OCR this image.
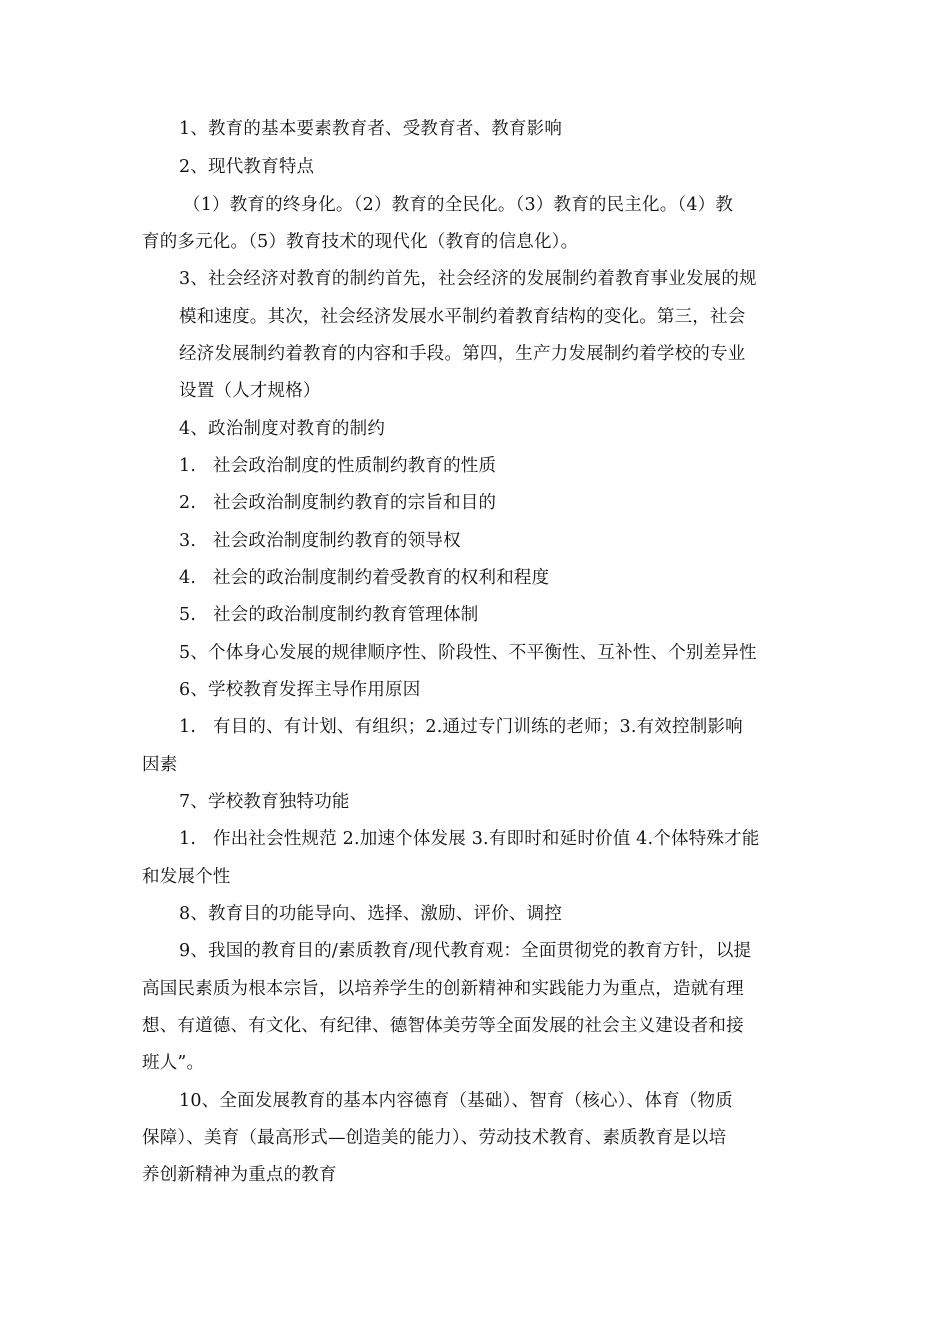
1、教育的基本要素教育者、受教育者、教育影响
2、现代教育特点
（1）教育的终身化。（2）教育的全民化。（3）教育的民主化。（4）教
育的多元化。（5）教育技术的现代化（教育的信息化）。
3、社会经济对教育的制约首先，社会经济的发展制约着教育事业发展的规
模和速度。其次，社会经济发展水平制约着教育结构的变化。第三，社会
经济发展制约着教育的内容和手段。第四，生产力发展制约着学校的专业
设置（人才规格）
4、政治制度对教育的制约
1. 社会政治制度的性质制约教育的性质
2. 社会政治制度制约教育的宗旨和目的
3. 社会政治制度制约教育的领导权
4. 社会的政治制度制约着受教育的权利和程度
5. 社会的政治制度制约教育管理体制
5、个体身心发展的规律顺序性、阶段性、不平衡性、互补性、个别差异性
6、学校教育发挥主导作用原因
1. 有目的、有计划、有组织；2.通过专门训练的老师；3.有效控制影响
因素
7、学校教育独特功能
1. 作出社会性规范 2.加速个体发展 3.有即时和延时价值 4.个体特殊才能
和发展个性
8、教育目的功能导向、选择、激励、评价、调控
9、我国的教育目的/素质教育/现代教育观：全面贯彻党的教育方针，以提
高国民素质为根本宗旨，以培养学生的创新精神和实践能力为重点，造就有理
想、有道德、有文化、有纪律、德智体美劳等全面发展的社会主义建设者和接
班人”。
10、全面发展教育的基本内容德育（基础）、智育（核心）、体育（物质
保障）、美育（最高形式—创造美的能力）、劳动技术教育、素质教育是以培
养创新精神为重点的教育
